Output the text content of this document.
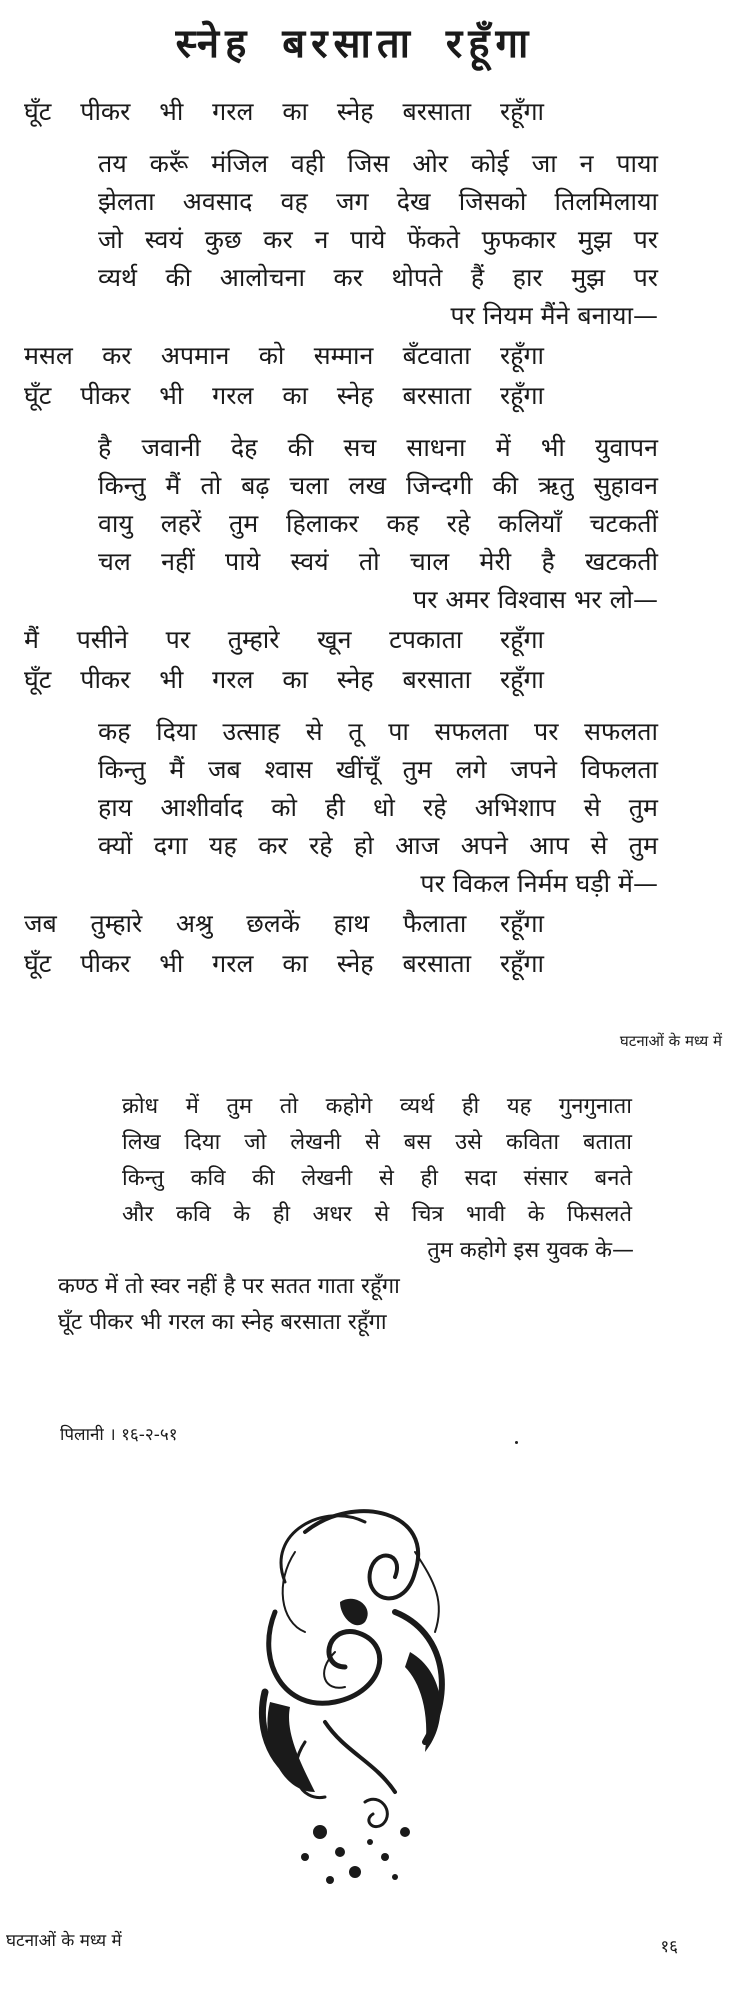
स्नेह बरसाता रहूँगा
घूँट पीकर भी गरल का स्नेह बरसाता रहूँगा
तय करूँ मंजिल वही जिस ओर कोई जा न पाया
झेलता अवसाद वह जग देख जिसको तिलमिलाया
जो स्वयं कुछ कर न पाये फेंकते फुफकार मुझ पर
व्यर्थ की आलोचना कर थोपते हैं हार मुझ पर
पर नियम मैंने बनाया—
मसल कर अपमान को सम्मान बँटवाता रहूँगा
घूँट पीकर भी गरल का स्नेह बरसाता रहूँगा
है जवानी देह की सच साधना में भी युवापन
किन्तु मैं तो बढ़ चला लख जिन्दगी की ऋतु सुहावन
वायु लहरें तुम हिलाकर कह रहे कलियाँ चटकतीं
चल नहीं पाये स्वयं तो चाल मेरी है खटकती
पर अमर विश्वास भर लो—
मैं पसीने पर तुम्हारे खून टपकाता रहूँगा
घूँट पीकर भी गरल का स्नेह बरसाता रहूँगा
कह दिया उत्साह से तू पा सफलता पर सफलता
किन्तु मैं जब श्वास खींचूँ तुम लगे जपने विफलता
हाय आशीर्वाद को ही धो रहे अभिशाप से तुम
क्यों दगा यह कर रहे हो आज अपने आप से तुम
पर विकल निर्मम घड़ी में—
जब तुम्हारे अश्रु छलकें हाथ फैलाता रहूँगा
घूँट पीकर भी गरल का स्नेह बरसाता रहूँगा
घटनाओं के मध्य में
क्रोध में तुम तो कहोगे व्यर्थ ही यह गुनगुनाता
लिख दिया जो लेखनी से बस उसे कविता बताता
किन्तु कवि की लेखनी से ही सदा संसार बनते
और कवि के ही अधर से चित्र भावी के फिसलते
तुम कहोगे इस युवक के—
कण्ठ में तो स्वर नहीं है पर सतत गाता रहूँगा
घूँट पीकर भी गरल का स्नेह बरसाता रहूँगा
पिलानी । १६-२-५१
घटनाओं के मध्य में	१६
